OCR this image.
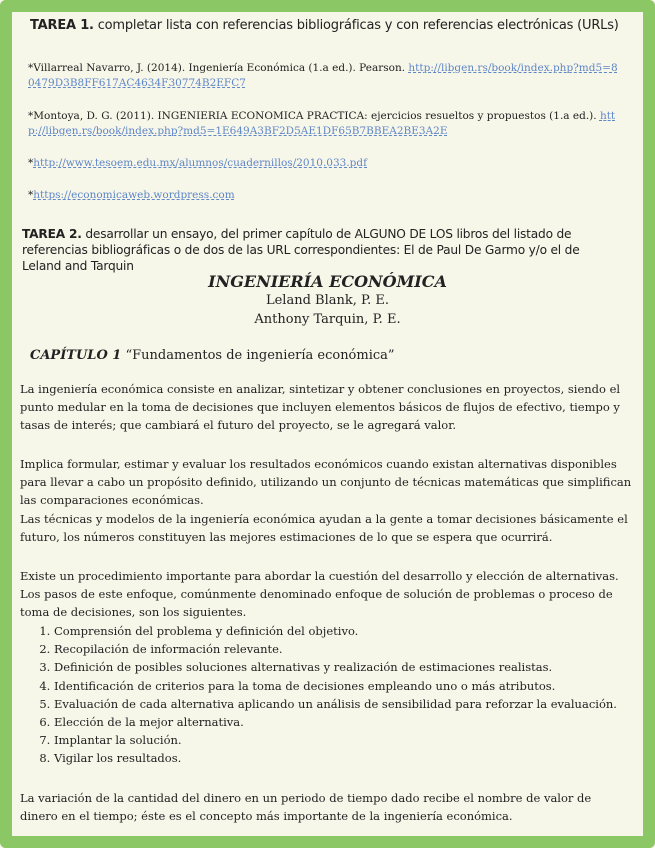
TAREA 1. completar lista con referencias bibliográficas y con referencias electrónicas (URLs)
*Villarreal Navarro, J. (2014). Ingeniería Económica (1.a ed.). Pearson. http://libgen.rs/book/index.php?md5=80479D3B8FF617AC4634F30774B2EFC7
*Montoya, D. G. (2011). INGENIERIA ECONOMICA PRACTICA: ejercicios resueltos y propuestos (1.a ed.). http://libgen.rs/book/index.php?md5=1E649A3BF2D5AE1DF65B7BBEA2BE3A2E
*http://www.tesoem.edu.mx/alumnos/cuadernillos/2010.033.pdf
*https://economicaweb.wordpress.com
TAREA 2. desarrollar un ensayo, del primer capítulo de ALGUNO DE LOS libros del listado de referencias bibliográficas o de dos de las URL correspondientes: El de Paul De Garmo y/o el de Leland and Tarquin
INGENIERÍA ECONÓMICA
Leland Blank, P. E.
Anthony Tarquin, P. E.
CAPÍTULO 1 “Fundamentos de ingeniería económica”
La ingeniería económica consiste en analizar, sintetizar y obtener conclusiones en proyectos, siendo el punto medular en la toma de decisiones que incluyen elementos básicos de flujos de efectivo, tiempo y tasas de interés; que cambiará el futuro del proyecto, se le agregará valor.
Implica formular, estimar y evaluar los resultados económicos cuando existan alternativas disponibles para llevar a cabo un propósito definido, utilizando un conjunto de técnicas matemáticas que simplifican las comparaciones económicas.
Las técnicas y modelos de la ingeniería económica ayudan a la gente a tomar decisiones básicamente el futuro, los números constituyen las mejores estimaciones de lo que se espera que ocurrirá.
Existe un procedimiento importante para abordar la cuestión del desarrollo y elección de alternativas. Los pasos de este enfoque, comúnmente denominado enfoque de solución de problemas o proceso de toma de decisiones, son los siguientes.
1. Comprensión del problema y definición del objetivo.
2. Recopilación de información relevante.
3. Definición de posibles soluciones alternativas y realización de estimaciones realistas.
4. Identificación de criterios para la toma de decisiones empleando uno o más atributos.
5. Evaluación de cada alternativa aplicando un análisis de sensibilidad para reforzar la evaluación.
6. Elección de la mejor alternativa.
7. Implantar la solución.
8. Vigilar los resultados.
La variación de la cantidad del dinero en un periodo de tiempo dado recibe el nombre de valor de dinero en el tiempo; éste es el concepto más importante de la ingeniería económica.
